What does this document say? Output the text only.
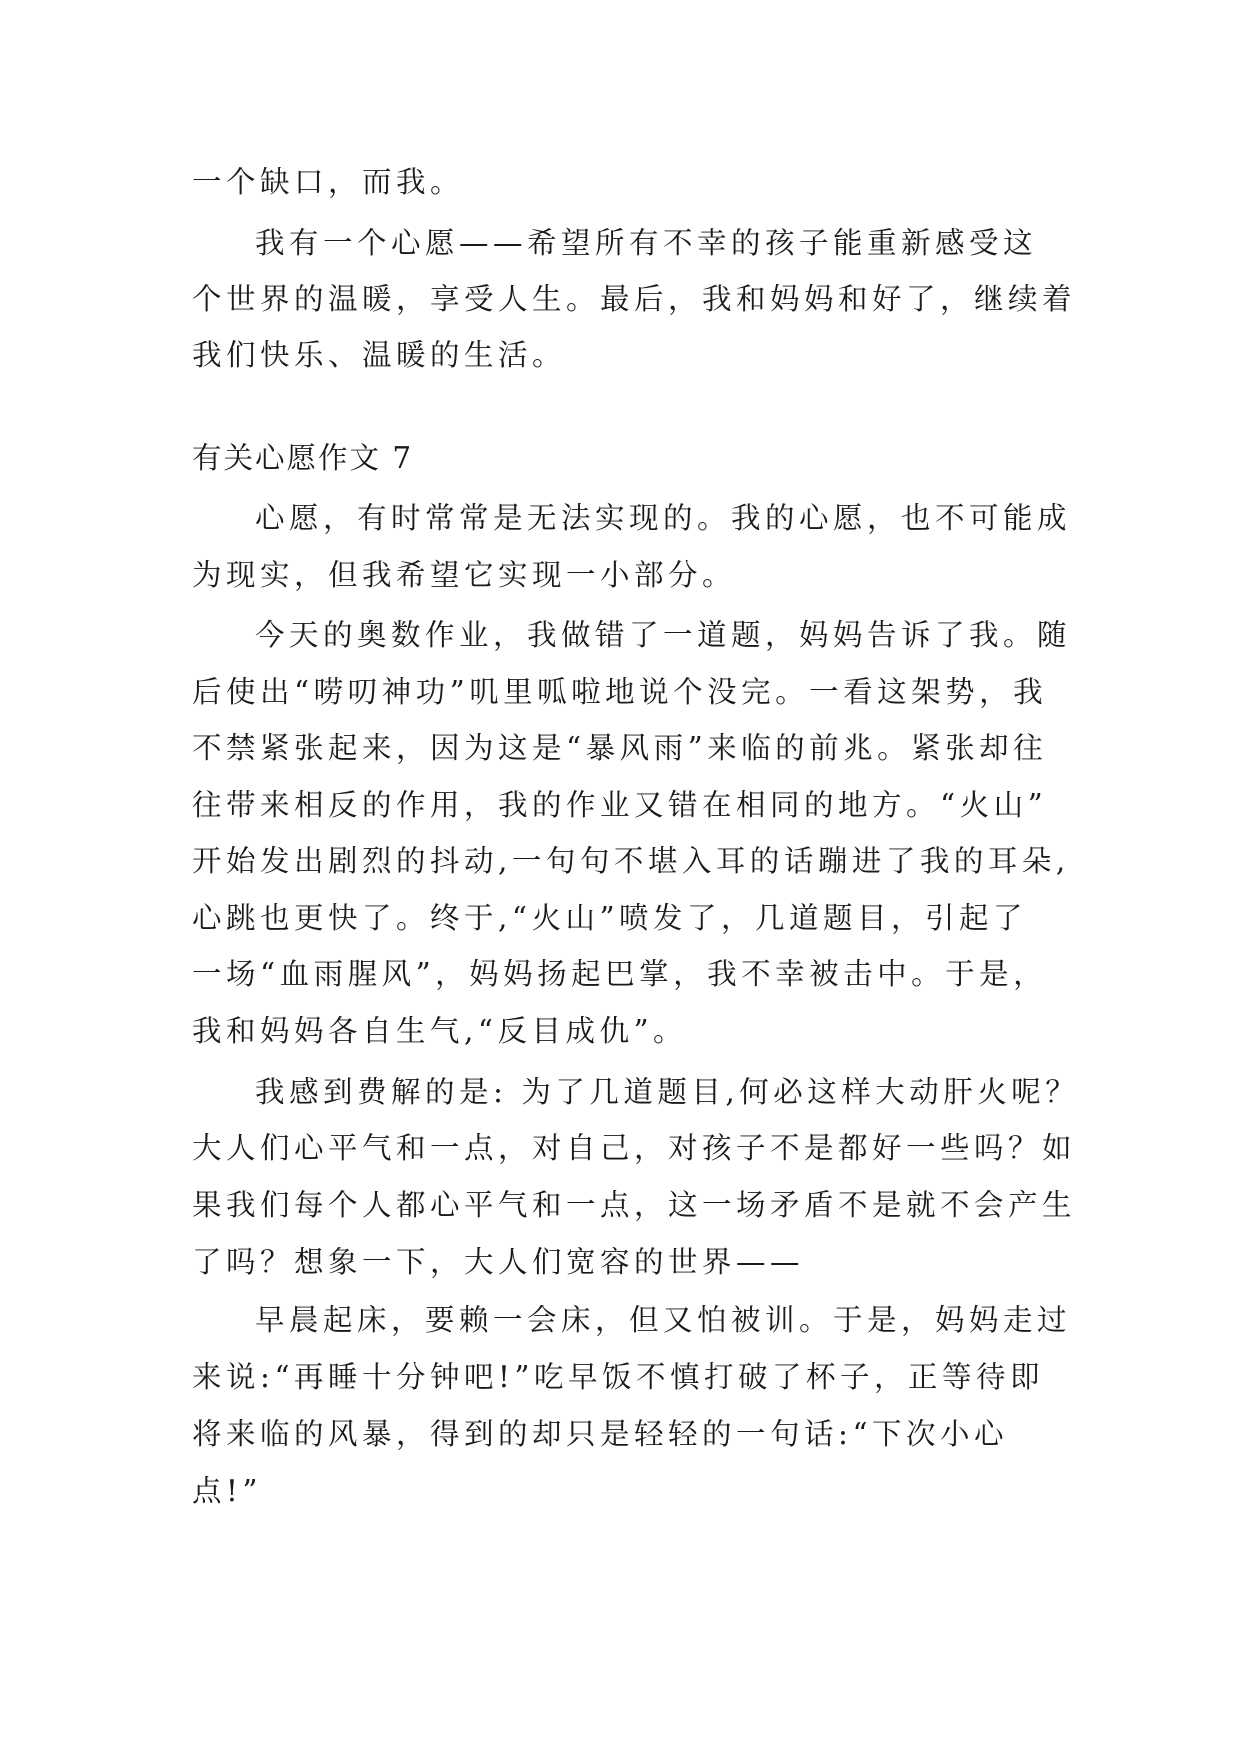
一个缺口，而我。
我有一个心愿——希望所有不幸的孩子能重新感受这
个世界的温暖，享受人生。最后，我和妈妈和好了，继续着
我们快乐、温暖的生活。
有关心愿作文 7
心愿，有时常常是无法实现的。我的心愿，也不可能成
为现实，但我希望它实现一小部分。
今天的奥数作业，我做错了一道题，妈妈告诉了我。随
后使出“唠叨神功”叽里呱啦地说个没完。一看这架势，我
不禁紧张起来，因为这是“暴风雨”来临的前兆。紧张却往
往带来相反的作用，我的作业又错在相同的地方。“火山”
开始发出剧烈的抖动,一句句不堪入耳的话蹦进了我的耳朵,
心跳也更快了。终于,“火山”喷发了，几道题目，引起了
一场“血雨腥风”，妈妈扬起巴掌，我不幸被击中。于是，
我和妈妈各自生气,“反目成仇”。
我感到费解的是: 为了几道题目,何必这样大动肝火呢？
大人们心平气和一点，对自己，对孩子不是都好一些吗？如
果我们每个人都心平气和一点，这一场矛盾不是就不会产生
了吗？想象一下，大人们宽容的世界——
早晨起床，要赖一会床，但又怕被训。于是，妈妈走过
来说:“再睡十分钟吧!”吃早饭不慎打破了杯子，正等待即
将来临的风暴，得到的却只是轻轻的一句话:“下次小心
点!”
